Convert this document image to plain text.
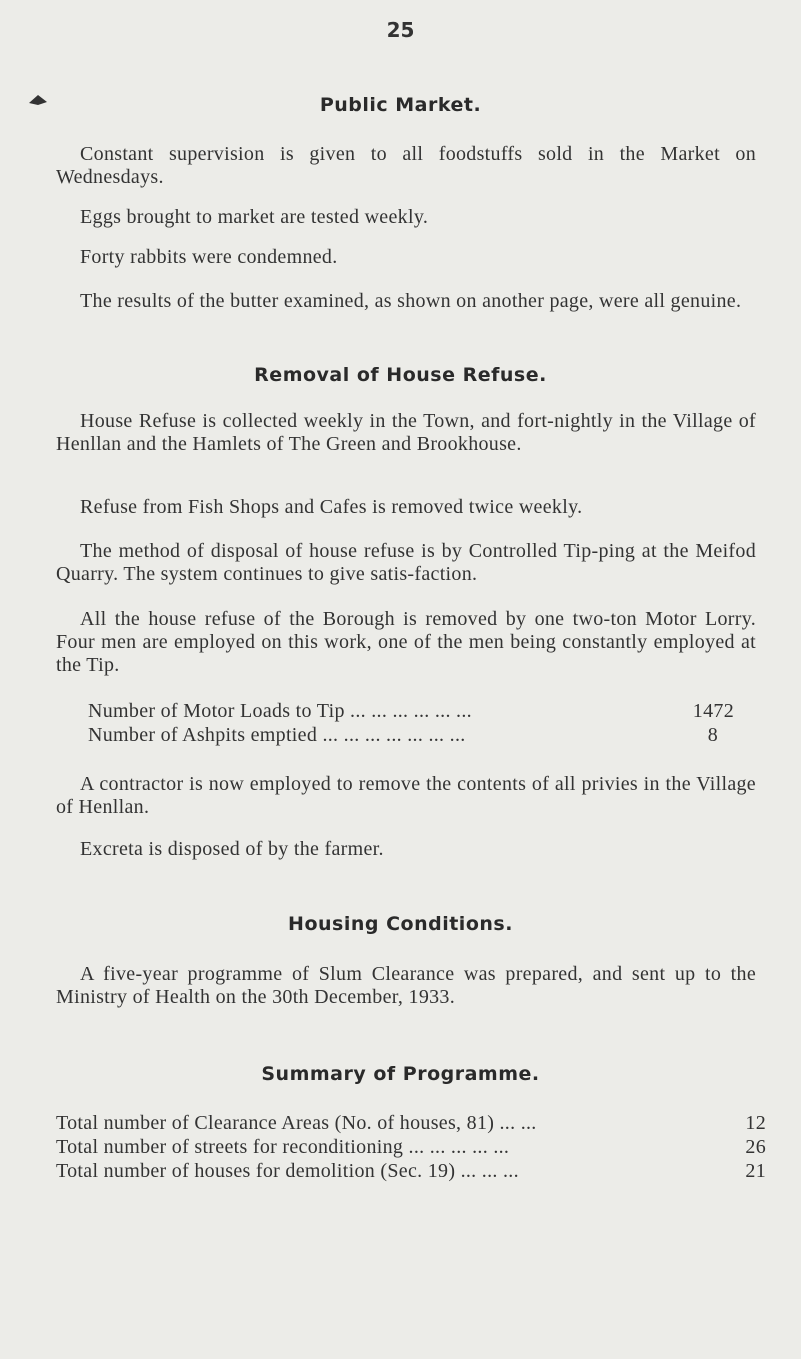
25
Public Market.
Constant supervision is given to all foodstuffs sold in the Market on Wednesdays.
Eggs brought to market are tested weekly.
Forty rabbits were condemned.
The results of the butter examined, as shown on another page, were all genuine.
Removal of House Refuse.
House Refuse is collected weekly in the Town, and fort-nightly in the Village of Henllan and the Hamlets of The Green and Brookhouse.
Refuse from Fish Shops and Cafes is removed twice weekly.
The method of disposal of house refuse is by Controlled Tip-ping at the Meifod Quarry. The system continues to give satis-faction.
All the house refuse of the Borough is removed by one two-ton Motor Lorry. Four men are employed on this work, one of the men being constantly employed at the Tip.
Number of Motor Loads to Tip ... ... ... ... ... ...	1472
Number of Ashpits emptied ... ... ... ... ... ... ...	8
A contractor is now employed to remove the contents of all privies in the Village of Henllan.
Excreta is disposed of by the farmer.
Housing Conditions.
A five-year programme of Slum Clearance was prepared, and sent up to the Ministry of Health on the 30th December, 1933.
Summary of Programme.
Total number of Clearance Areas (No. of houses, 81) ... ...	12
Total number of streets for reconditioning ... ... ... ... ...	26
Total number of houses for demolition (Sec. 19) ... ... ...	21
